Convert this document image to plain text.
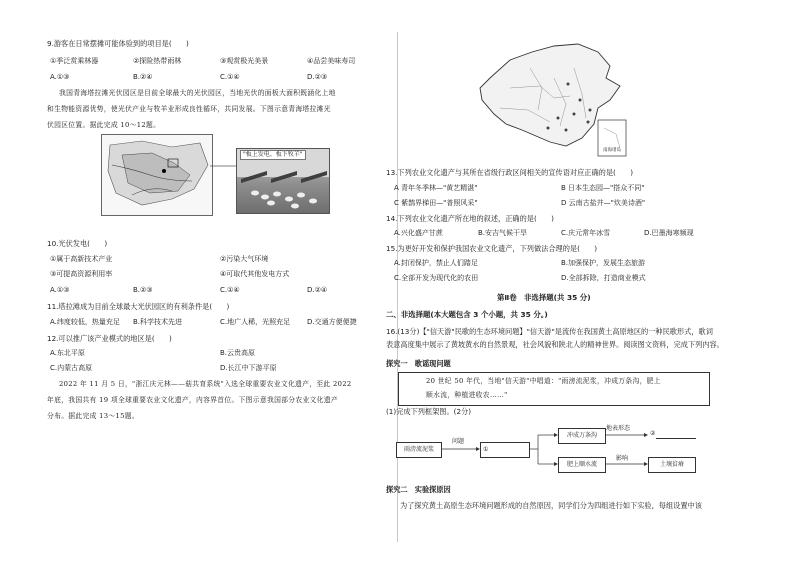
9.游客在日常摆摊可能体验到的项目是(　　)
①季泛赏乘林器	②探险热带雨林	③观赏极光美景	④品尝美味寿司
A.①③	B.②④	C.①④	D.②③
我国青海塔拉滩光伏园区是目前全球最大的光伏园区，当地光伏的面板大面积既涵化上地
和生物能资源优势，使光伏产业与牧羊业形成良性循环，共同发展。下图示意青海塔拉滩光
伏园区位置。据此完成 10～12题。
"板上发电、板下牧羊"
10.光伏发电(　　)
①属于高新技术产业	②污染大气环境
③可提高资源利用率	④可取代其他发电方式
A.①③	B.②③	C.①④	D.②④
11.塔拉滩成为目前全球最大光伏园区的有利条件是(　　)
A.纬度较低，热量充足 B.科学技术先进	C.地广人稀，光照充足 D.交通方便便捷
12.可以推广该产业模式的地区是(　　)
A.东北平原	B.云贵高原
C.内蒙古高原	D.长江中下游平原
2022 年 11 月 5 日，"浙江庆元林——菇共育系统"入选全球重要农业文化遗产，至此 2022
年底，我国共有 19 项全球重要农业文化遗产，内容界首位。下图示意我国部分农业文化遗产
分布。据此完成 13～15题。
南海诸岛
13.下列农业文化遗产与其所在省级行政区间相关的宣传语对应正确的是(　　)
A 青年冬季林—"黄艺精湛"	B 日本生态园—"搭众不同"
C 紫鹊界梯田—"普照风采"	D 云南古盐井—"炊美诗酒"
14.下列农业文化遗产所在地的叙述，正确的是(　　)
A.兴化盛产甘蔗	B.安吉气候干旱	C.庆元常年冰雪	D.巴墨海寒频现
15.为更好开发和保护我国农业文化遗产，下列做法合理的是(　　)
A.封闭保护，禁止人们踏足	B.加强保护，发展生态旅游
C.全部开发为现代化的农田	D.全部拆除，打造商业模式
第Ⅱ卷　非选择题(共 35 分)
二、非选择题(本大题包含 3 个小题，共 35 分。)
16.(13分)【"信天游"民歌的生态环境问题】"信天游"是流传在我国黄土高原地区的一种民歌形式，歌词
表意高度集中展示了黄坡黄水的自然景观，社会风貌和陕北人的精神世界。阅读图文资料，完成下列内容。
探究一　歌谣现问题
20 世纪 50 年代，当地"信天游"中唱道："雨滂流泥浆，冲成万条沟，肥上
顺水流，种植进收农……"
(1)完成下列框架图。(2分)
雨滂流泥浆
问题
①
冲成万条沟
地表形态
②
肥上顺水流
影响
土壤贫瘠
探究二　实验探原因
为了探究黄土高原生态环境问题形成的自然原因，同学们分为四组进行如下实验，每组设置中该
